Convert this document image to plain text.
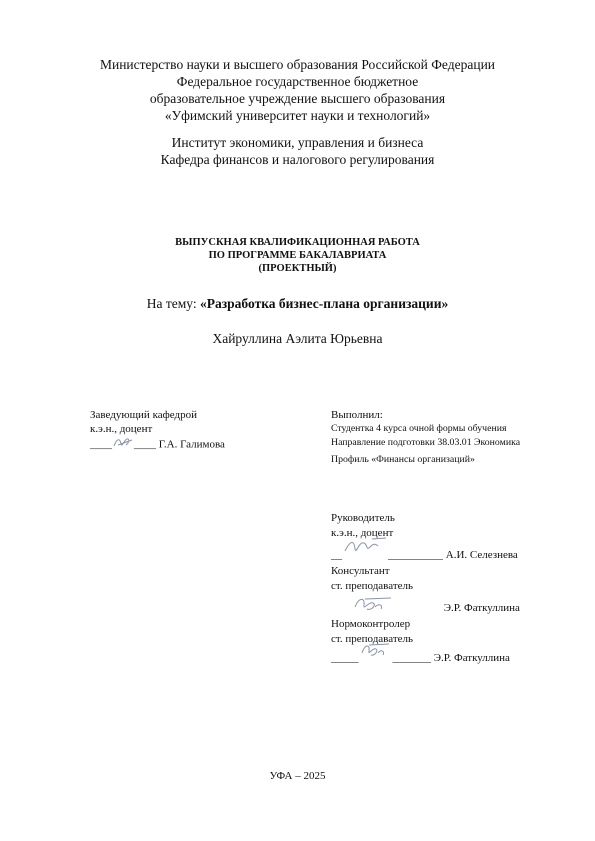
Министерство науки и высшего образования Российской Федерации
Федеральное государственное бюджетное
образовательное учреждение высшего образования
«Уфимский университет науки и технологий»
Институт экономики, управления и бизнеса
Кафедра финансов и налогового регулирования
ВЫПУСКНАЯ КВАЛИФИКАЦИОННАЯ РАБОТА
ПО ПРОГРАММЕ БАКАЛАВРИАТА
(ПРОЕКТНЫЙ)
На тему: «Разработка бизнес-плана организации»
Хайруллина Аэлита Юрьевна
Заведующий кафедрой
к.э.н., доцент
____ ____ Г.А. Галимова
Выполнил:
Студентка 4 курса очной формы обучения
Направление подготовки 38.03.01 Экономика
Профиль «Финансы организаций»
Руководитель
к.э.н., доцент
__	__________ А.И. Селезнева
Консультант
ст. преподаватель
Э.Р. Фаткуллина
Нормоконтролер
ст. преподаватель
_____	_______ Э.Р. Фаткуллина
УФА – 2025
